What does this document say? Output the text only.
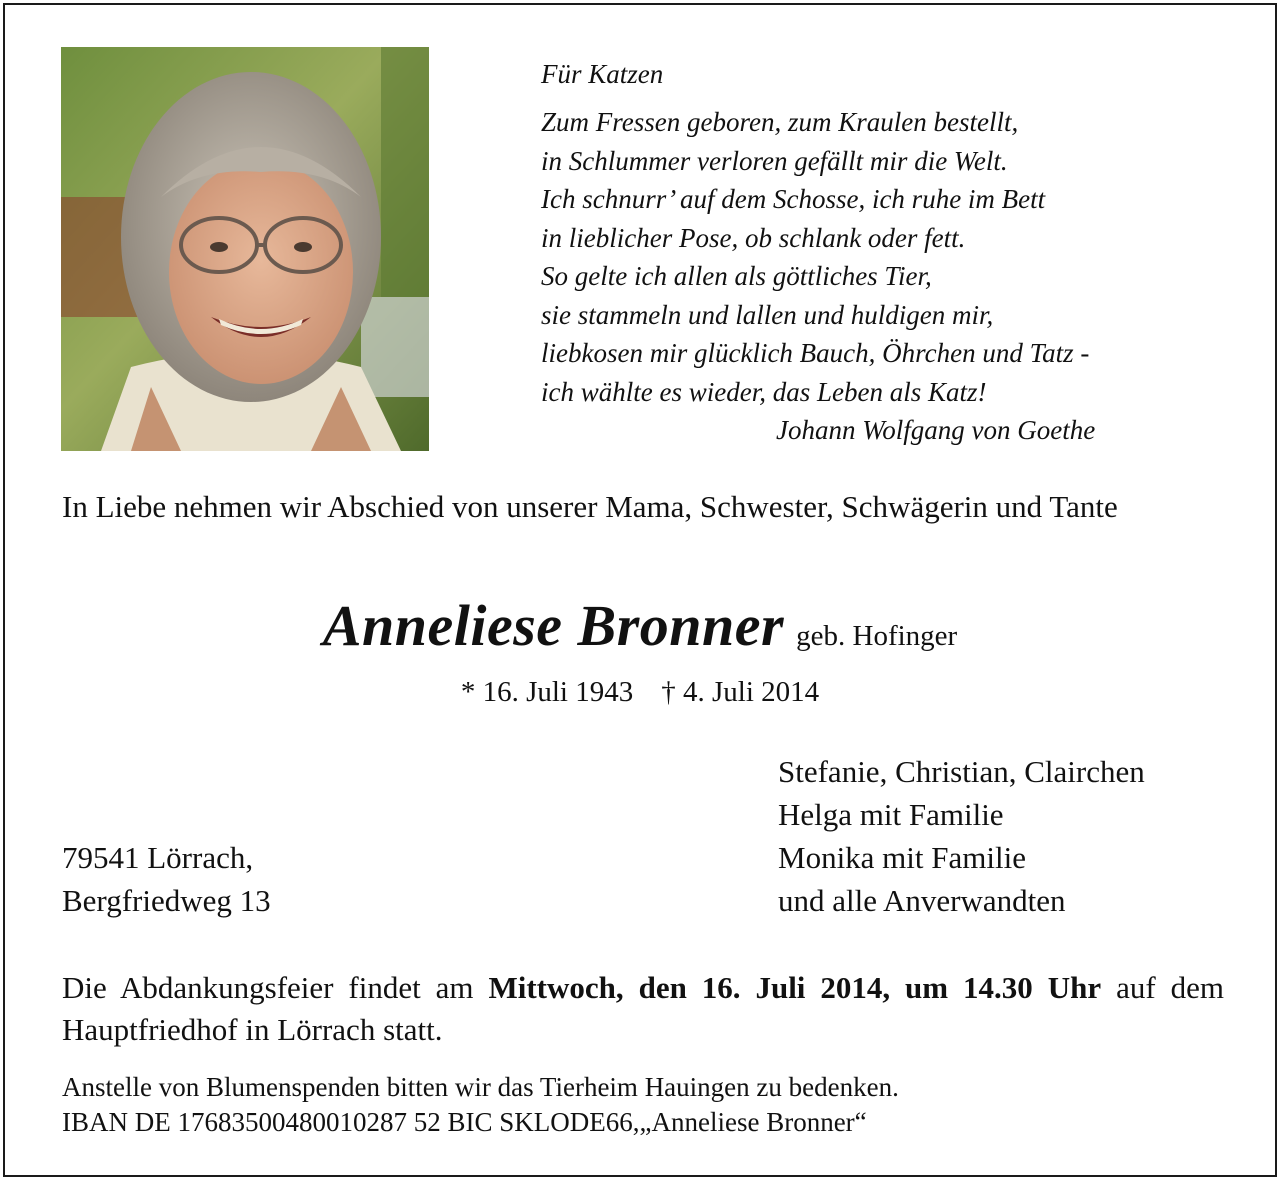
Für Katzen
Zum Fressen geboren, zum Kraulen bestellt,
in Schlummer verloren gefällt mir die Welt.
Ich schnurr’ auf dem Schosse, ich ruhe im Bett
in lieblicher Pose, ob schlank oder fett.
So gelte ich allen als göttliches Tier,
sie stammeln und lallen und huldigen mir,
liebkosen mir glücklich Bauch, Öhrchen und Tatz -
ich wählte es wieder, das Leben als Katz!
Johann Wolfgang von Goethe
In Liebe nehmen wir Abschied von unserer Mama, Schwester, Schwägerin und Tante
Anneliese Bronner geb. Hofinger
* 16. Juli 1943 † 4. Juli 2014
Stefanie, Christian, Clairchen
Helga mit Familie
Monika mit Familie
und alle Anverwandten
79541 Lörrach,
Bergfriedweg 13
Die Abdankungsfeier findet am Mittwoch, den 16. Juli 2014, um 14.30 Uhr auf dem Hauptfriedhof in Lörrach statt.
Anstelle von Blumenspenden bitten wir das Tierheim Hauingen zu bedenken.
IBAN DE 17683500480010287 52 BIC SKLODE66,„Anneliese Bronner“
